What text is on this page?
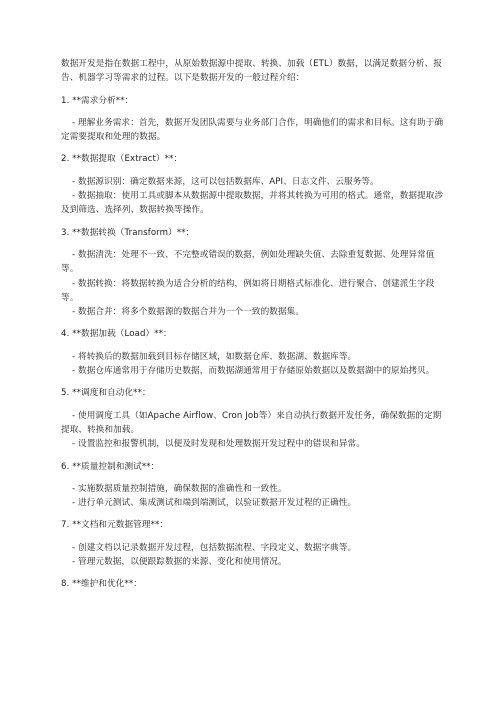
数据开发是指在数据工程中，从原始数据源中提取、转换、加载（ETL）数据，以满足数据分析、报告、机器学习等需求的过程。以下是数据开发的一般过程介绍：

1. **需求分析**：

- 理解业务需求：首先，数据开发团队需要与业务部门合作，明确他们的需求和目标。这有助于确定需要提取和处理的数据。

2. **数据提取（Extract）**：

- 数据源识别：确定数据来源，这可以包括数据库、API、日志文件、云服务等。

- 数据抽取：使用工具或脚本从数据源中提取数据，并将其转换为可用的格式。通常，数据提取涉及到筛选、选择列、数据转换等操作。

3. **数据转换（Transform）**：

- 数据清洗：处理不一致、不完整或错误的数据，例如处理缺失值、去除重复数据、处理异常值等。

- 数据转换：将数据转换为适合分析的结构，例如将日期格式标准化、进行聚合、创建派生字段等。

- 数据合并：将多个数据源的数据合并为一个一致的数据集。

4. **数据加载（Load）**：

- 将转换后的数据加载到目标存储区域，如数据仓库、数据湖、数据库等。

- 数据仓库通常用于存储历史数据，而数据湖通常用于存储原始数据以及数据湖中的原始拷贝。

5. **调度和自动化**：

- 使用调度工具（如Apache Airflow、Cron Job等）来自动执行数据开发任务，确保数据的定期提取、转换和加载。

- 设置监控和报警机制，以便及时发现和处理数据开发过程中的错误和异常。

6. **质量控制和测试**：

- 实施数据质量控制措施，确保数据的准确性和一致性。

- 进行单元测试、集成测试和端到端测试，以验证数据开发过程的正确性。

7. **文档和元数据管理**：

- 创建文档以记录数据开发过程，包括数据流程、字段定义、数据字典等。

- 管理元数据，以便跟踪数据的来源、变化和使用情况。

8. **维护和优化**：
